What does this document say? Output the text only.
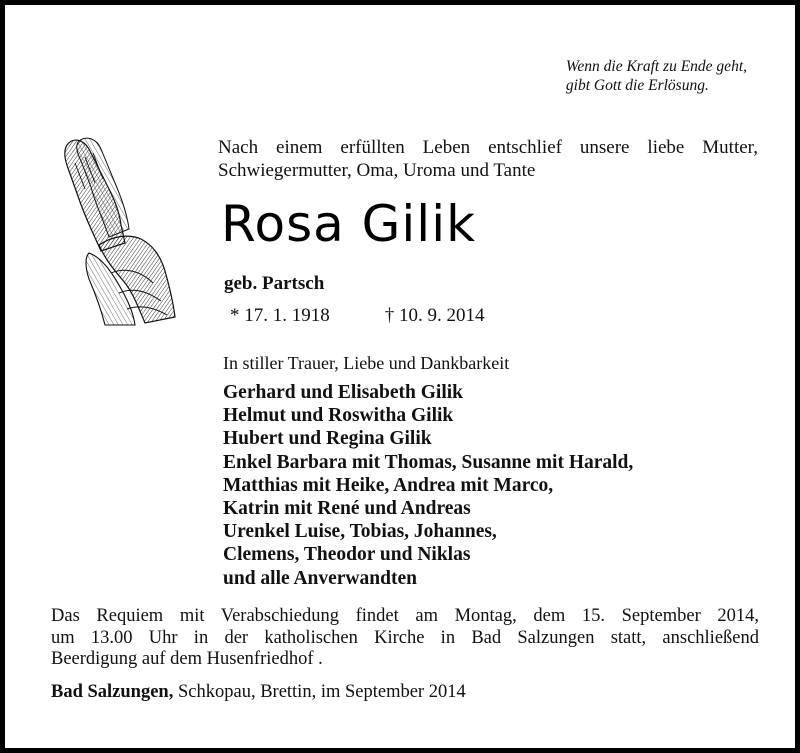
Wenn die Kraft zu Ende geht,
gibt Gott die Erlösung.
Nach einem erfüllten Leben entschlief unsere liebe Mutter,
Schwiegermutter, Oma, Uroma und Tante
Rosa Gilik
geb. Partsch
* 17. 1. 1918	† 10. 9. 2014
In stiller Trauer, Liebe und Dankbarkeit
Gerhard und Elisabeth Gilik
Helmut und Roswitha Gilik
Hubert und Regina Gilik
Enkel Barbara mit Thomas, Susanne mit Harald,
Matthias mit Heike, Andrea mit Marco,
Katrin mit René und Andreas
Urenkel Luise, Tobias, Johannes,
Clemens, Theodor und Niklas
und alle Anverwandten
Das Requiem mit Verabschiedung findet am Montag, dem 15. September 2014,
um 13.00 Uhr in der katholischen Kirche in Bad Salzungen statt, anschließend
Beerdigung auf dem Husenfriedhof .
Bad Salzungen, Schkopau, Brettin, im September 2014
